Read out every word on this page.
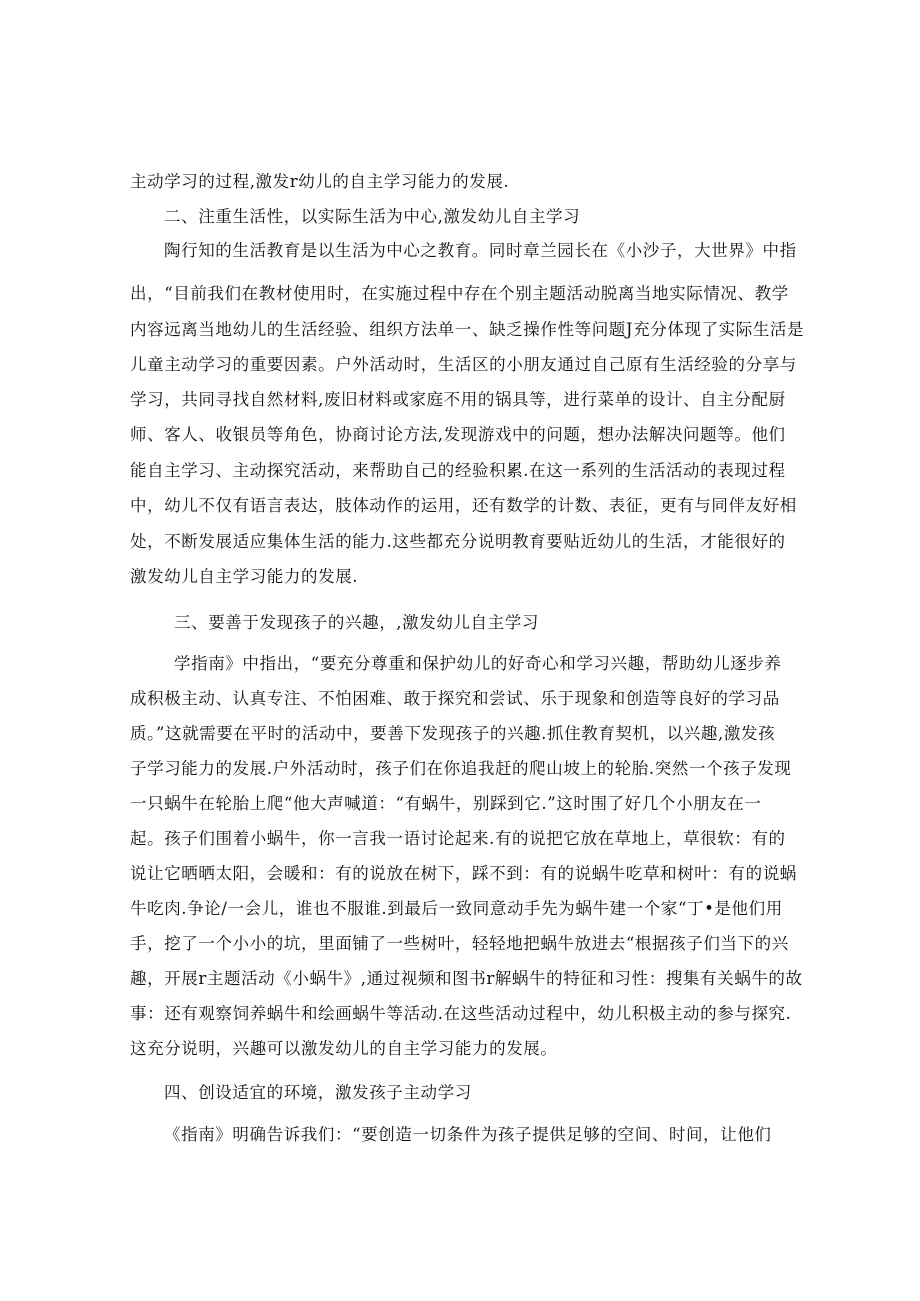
主动学习的过程,激发r幼儿的自主学习能力的发展.
二、注重生活性，以实际生活为中心,激发幼儿自主学习
陶行知的生活教育是以生活为中心之教育。同时章兰园长在《小沙子，大世界》中指
出，“目前我们在教材使用时，在实施过程中存在个别主题活动脱离当地实际情况、教学
内容远离当地幼儿的生活经验、组织方法单一、缺乏操作性等问题J充分体现了实际生活是
儿童主动学习的重要因素。户外活动时，生活区的小朋友通过自己原有生活经验的分享与
学习，共同寻找自然材料,废旧材料或家庭不用的锅具等，进行菜单的设计、自主分配厨
师、客人、收银员等角色，协商讨论方法,发现游戏中的问题，想办法解决问题等。他们
能自主学习、主动探究活动，来帮助自己的经验积累.在这一系列的生活活动的表现过程
中，幼儿不仅有语言表达，肢体动作的运用，还有数学的计数、表征，更有与同伴友好相
处，不断发展适应集体生活的能力.这些都充分说明教育要贴近幼儿的生活，才能很好的
激发幼儿自主学习能力的发展.
三、要善于发现孩子的兴趣，,激发幼儿自主学习
学指南》中指出，“要充分尊重和保护幼儿的好奇心和学习兴趣，帮助幼儿逐步养
成积极主动、认真专注、不怕困难、敢于探究和尝试、乐于现象和创造等良好的学习品
质。”这就需要在平时的活动中，要善下发现孩子的兴趣.抓住教育契机，以兴趣,激发孩
子学习能力的发展.户外活动时，孩子们在你追我赶的爬山坡上的轮胎.突然一个孩子发现
一只蜗牛在轮胎上爬“他大声喊道：“有蜗牛，别踩到它.”这时围了好几个小朋友在一
起。孩子们围着小蜗牛，你一言我一语讨论起来.有的说把它放在草地上，草很软：有的
说让它晒晒太阳，会暖和：有的说放在树下，踩不到：有的说蜗牛吃草和树叶：有的说蜗
牛吃肉.争论/一会儿，谁也不服谁.到最后一致同意动手先为蜗牛建一个家“丁•是他们用
手，挖了一个小小的坑，里面铺了一些树叶，轻轻地把蜗牛放进去“根据孩子们当下的兴
趣，开展r主题活动《小蜗牛》,通过视频和图书r解蜗牛的特征和习性：搜集有关蜗牛的故
事：还有观察饲养蜗牛和绘画蜗牛等活动.在这些活动过程中，幼儿积极主动的参与探究.
这充分说明，兴趣可以激发幼儿的自主学习能力的发展。
四、创设适宜的环境，激发孩子主动学习
《指南》明确告诉我们：“要创造一切条件为孩子提供足够的空间、时间，让他们
